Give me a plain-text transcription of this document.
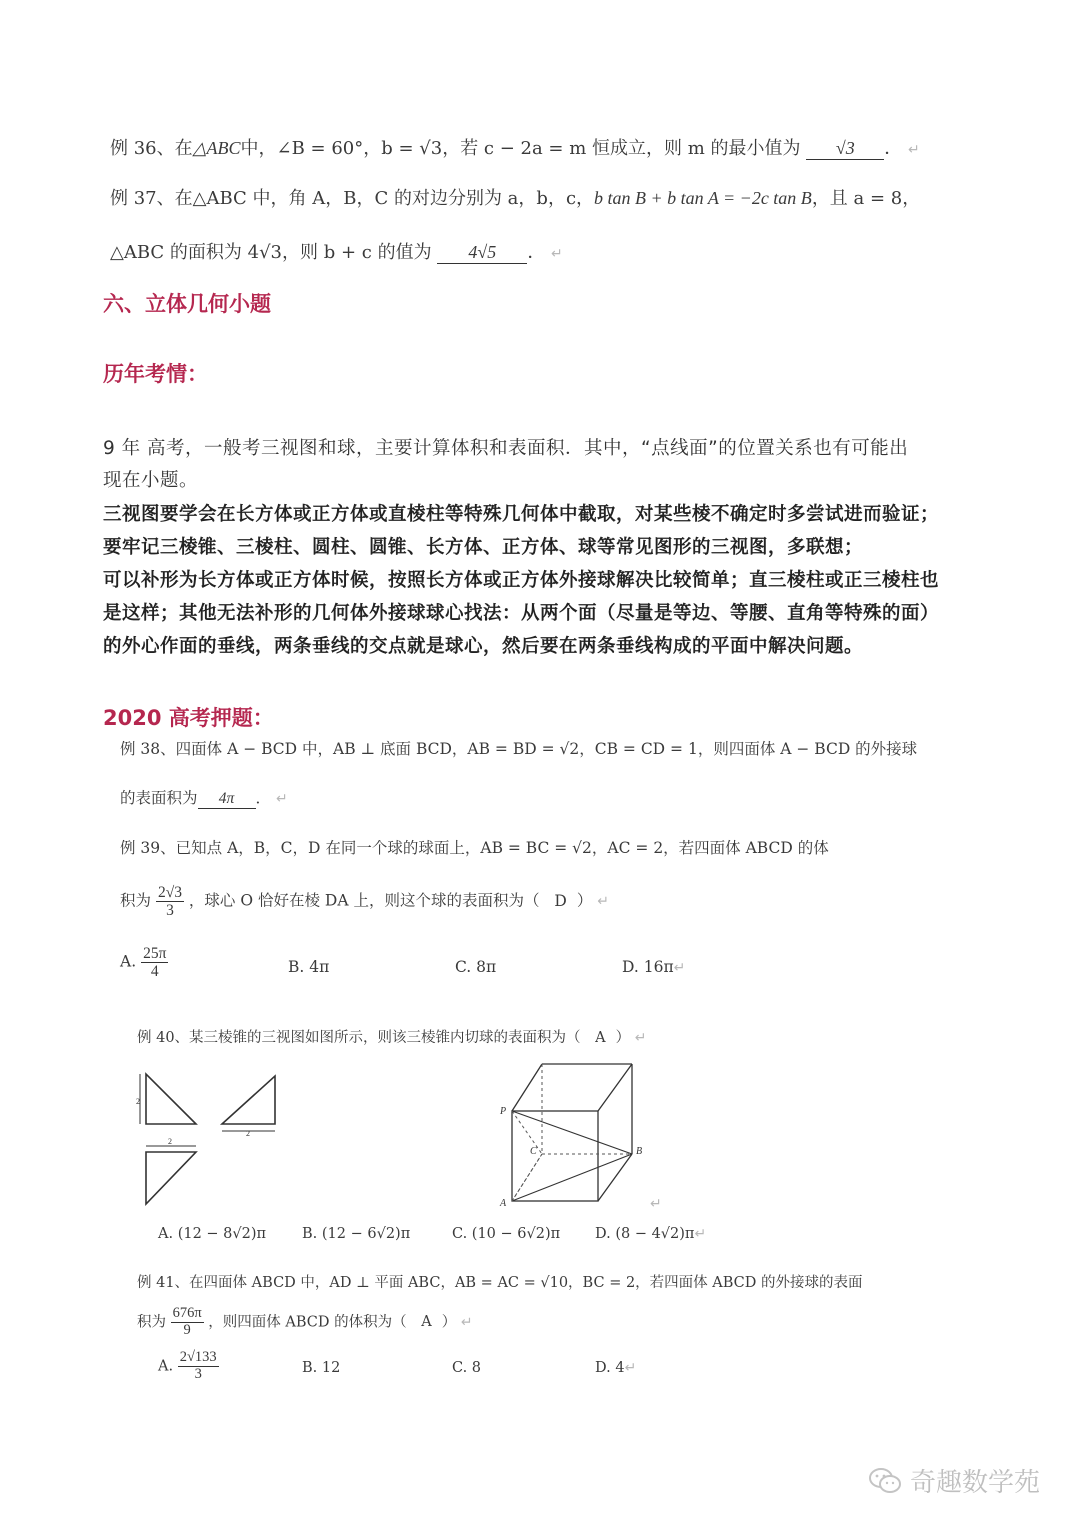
例 36、在△ABC中，∠B = 60°，b = √3，若 c − 2a = m 恒成立，则 m 的最小值为 √3 ． ↵
例 37、在△ABC 中，角 A，B，C 的对边分别为 a，b，c，b tan B + b tan A = −2c tan B，且 a = 8，
△ABC 的面积为 4√3，则 b + c 的值为 4√5 ． ↵
六、立体几何小题
历年考情：
9 年 高考，一般考三视图和球，主要计算体积和表面积．其中，“点线面”的位置关系也有可能出
现在小题。
三视图要学会在长方体或正方体或直棱柱等特殊几何体中截取，对某些棱不确定时多尝试进而验证；
要牢记三棱锥、三棱柱、圆柱、圆锥、长方体、正方体、球等常见图形的三视图，多联想；
可以补形为长方体或正方体时候，按照长方体或正方体外接球解决比较简单；直三棱柱或正三棱柱也
是这样；其他无法补形的几何体外接球球心找法：从两个面（尽量是等边、等腰、直角等特殊的面）
的外心作面的垂线，两条垂线的交点就是球心，然后要在两条垂线构成的平面中解决问题。
2020 高考押题：
例 38、四面体 A − BCD 中，AB ⊥ 底面 BCD，AB = BD = √2，CB = CD = 1，则四面体 A − BCD 的外接球
的表面积为 4π ． ↵
例 39、已知点 A，B，C，D 在同一个球的球面上，AB = BC = √2，AC = 2，若四面体 ABCD 的体
积为 $\frac{2√3}{3}$ ，球心 O 恰好在棱 DA 上，则这个球的表面积为（ D ） ↵
A. $\frac{25\pi}{4}$	B. 4π	C. 8π	D. 16π↵
例 40、某三棱锥的三视图如图所示，则该三棱锥内切球的表面积为（ A ） ↵
2
2
2
P
C	B
A	↵
A. (12 − 8√2)π B. (12 − 6√2)π	C. (10 − 6√2)π D. (8 − 4√2)π↵
例 41、在四面体 ABCD 中，AD ⊥ 平面 ABC，AB = AC = √10，BC = 2，若四面体 ABCD 的外接球的表面
积为 $\frac{676\pi}{9}$ ，则四面体 ABCD 的体积为（ A ） ↵
A. $\frac{2√133}{3}$	B. 12	C. 8	D. 4↵
奇趣数学苑
